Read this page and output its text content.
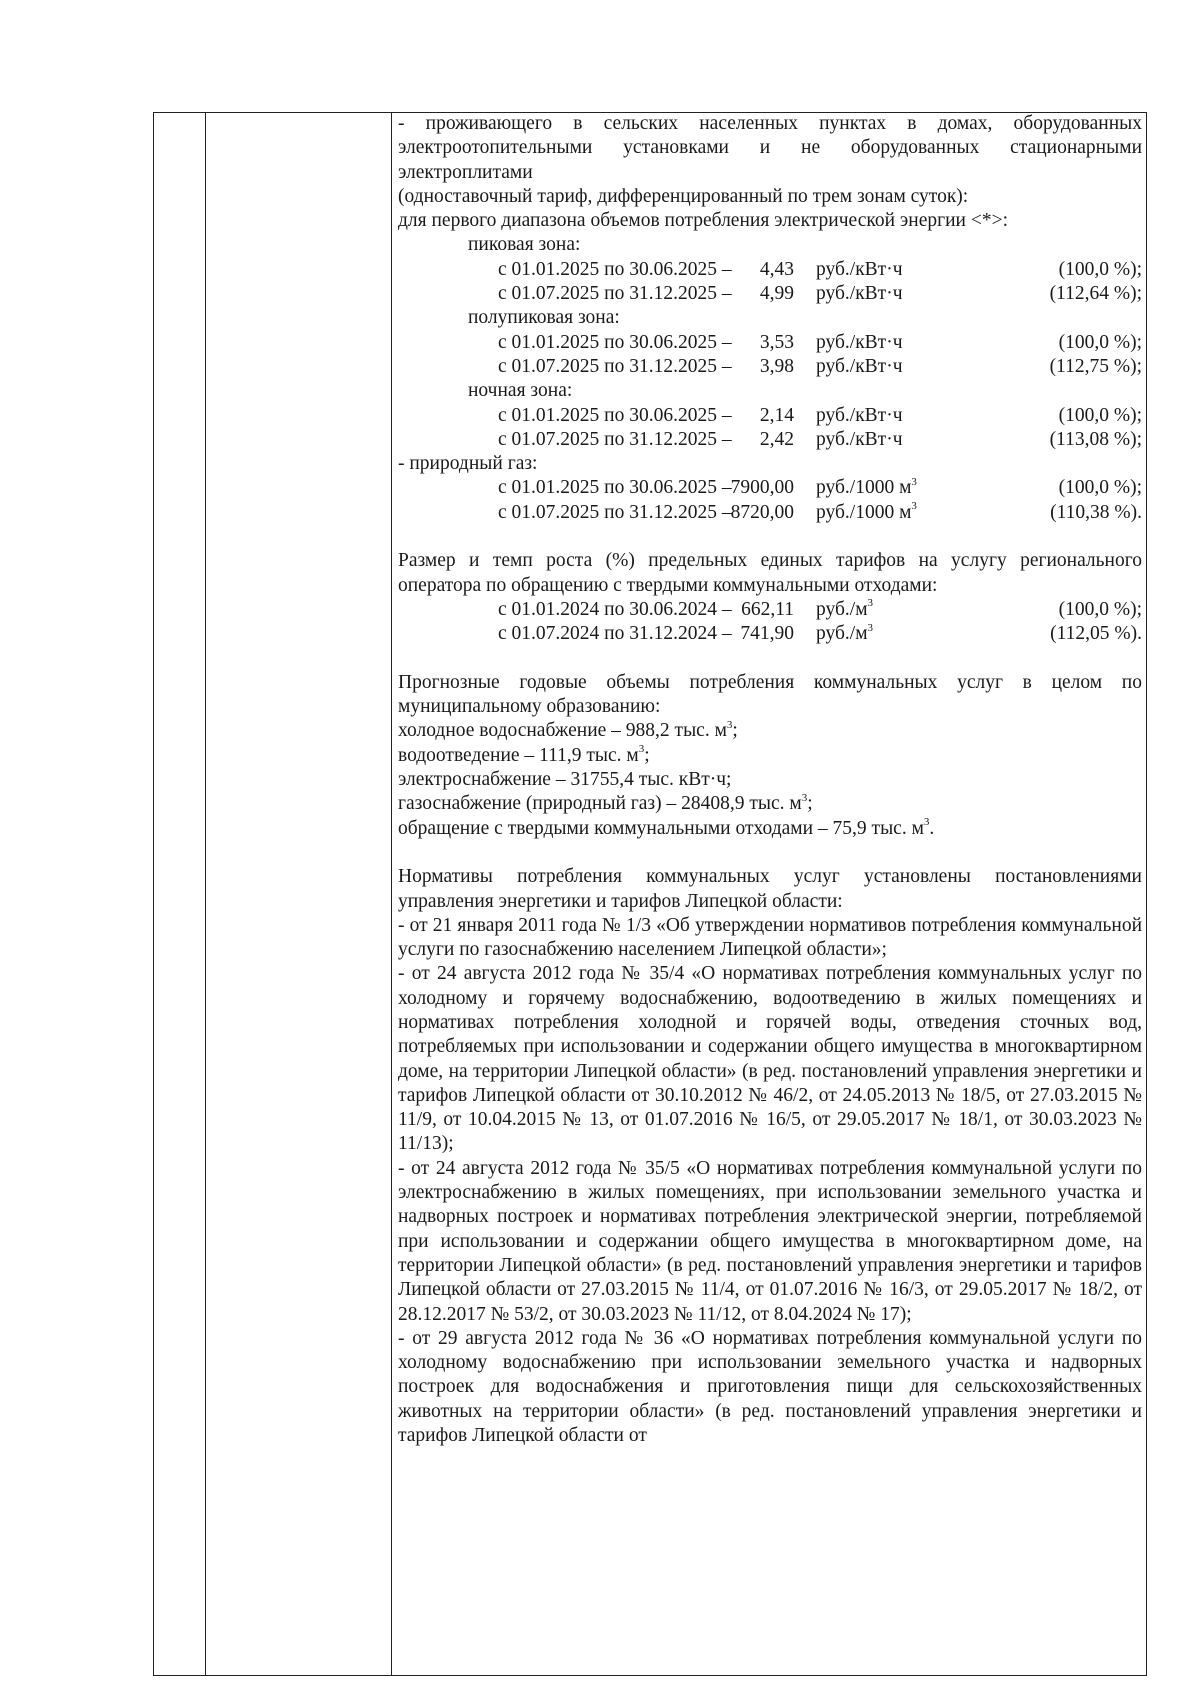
- проживающего в сельских населенных пунктах в домах, оборудованных электроотопительными установками и не оборудованных стационарными электроплитами

(одноставочный тариф, дифференцированный по трем зонам суток):

для первого диапазона объемов потребления электрической энергии <*>:

пиковая зона:
с 01.01.2025 по 30.06.2025 –	4,43	руб./кВт·ч	(100,0 %);
с 01.07.2025 по 31.12.2025 –	4,99	руб./кВт·ч	(112,64 %);
полупиковая зона:
с 01.01.2025 по 30.06.2025 –	3,53	руб./кВт·ч	(100,0 %);
с 01.07.2025 по 31.12.2025 –	3,98	руб./кВт·ч	(112,75 %);
ночная зона:
с 01.01.2025 по 30.06.2025 –	2,14	руб./кВт·ч	(100,0 %);
с 01.07.2025 по 31.12.2025 –	2,42	руб./кВт·ч	(113,08 %);
- природный газ:
с 01.01.2025 по 30.06.2025 – 7900,00	руб./1000 $м^3$	(100,0 %);
с 01.07.2025 по 31.12.2025 – 8720,00	руб./1000 $м^3$	(110,38 %).

Размер и темп роста (%) предельных единых тарифов на услугу регионального оператора по обращению с твердыми коммунальными отходами:

с 01.01.2024 по 30.06.2024 – 662,11	$руб./м^3$	(100,0 %);
с 01.07.2024 по 31.12.2024 – 741,90	$руб./м^3$	(112,05 %).

Прогнозные годовые объемы потребления коммунальных услуг в целом по муниципальному образованию:

холодное водоснабжение – 988,2 тыс. $м^3$;
водоотведение – 111,9 тыс. $м^3$;
электроснабжение – 31755,4 тыс. кВт·ч;
газоснабжение (природный газ) – 28408,9 тыс. $м^3$;
обращение с твердыми коммунальными отходами – 75,9 тыс. $м^3$.

Нормативы потребления коммунальных услуг установлены постановлениями управления энергетики и тарифов Липецкой области:

- от 21 января 2011 года № 1/3 «Об утверждении нормативов потребления коммунальной услуги по газоснабжению населением Липецкой области»;

- от 24 августа 2012 года № 35/4 «О нормативах потребления коммунальных услуг по холодному и горячему водоснабжению, водоотведению в жилых помещениях и нормативах потребления холодной и горячей воды, отведения сточных вод, потребляемых при использовании и содержании общего имущества в многоквартирном доме, на территории Липецкой области» (в ред. постановлений управления энергетики и тарифов Липецкой области от 30.10.2012 № 46/2, от 24.05.2013 № 18/5, от 27.03.2015 № 11/9, от 10.04.2015 № 13, от 01.07.2016 № 16/5, от 29.05.2017 № 18/1, от 30.03.2023 № 11/13);

- от 24 августа 2012 года № 35/5 «О нормативах потребления коммунальной услуги по электроснабжению в жилых помещениях, при использовании земельного участка и надворных построек и нормативах потребления электрической энергии, потребляемой при использовании и содержании общего имущества в многоквартирном доме, на территории Липецкой области» (в ред. постановлений управления энергетики и тарифов Липецкой области от 27.03.2015 № 11/4, от 01.07.2016 № 16/3, от 29.05.2017 № 18/2, от 28.12.2017 № 53/2, от 30.03.2023 № 11/12, от 8.04.2024 № 17);

- от 29 августа 2012 года № 36 «О нормативах потребления коммунальной услуги по холодному водоснабжению при использовании земельного участка и надворных построек для водоснабжения и приготовления пищи для сельскохозяйственных животных на территории области» (в ред. постановлений управления энергетики и тарифов Липецкой области от
